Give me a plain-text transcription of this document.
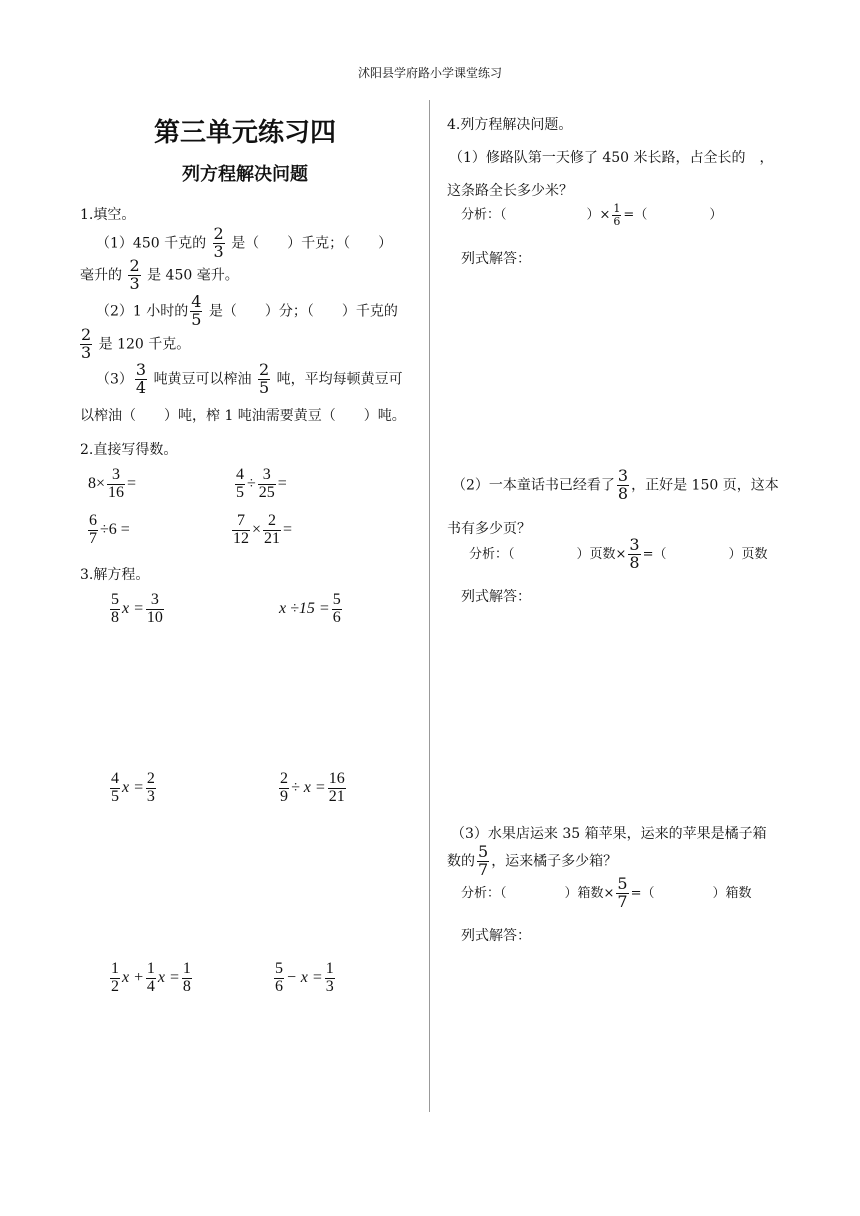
沭阳县学府路小学课堂练习
第三单元练习四
列方程解决问题
1.填空。
（1）450 千克的 $\frac{2}{3}$ 是（　　）千克；（　　）
毫升的 $\frac{2}{3}$ 是 450 毫升。
（2）1 小时的 $\frac{4}{5}$ 是（　　）分；（　　）千克的
$\frac{2}{3}$ 是 120 千克。
$(3) \frac{3}{4}$ 吨黄豆可以榨油 $\frac{2}{5}$ 吨，平均每顿黄豆可
以榨油（　　）吨，榨 1 吨油需要黄豆（　　）吨。
2.直接写得数。
$8\times \frac{3}{16}$ =	$\frac{4}{5} \div \frac{3}{25}$ =
$\frac{6}{7} \div 6$ =	$\frac{7}{12} \times \frac{2}{21}$ =
3.解方程。
$\frac{5}{8}$ $x = \frac{3}{10}$	$x \div 15 = \frac{5}{6}$
$\frac{4}{5}$ $x = \frac{2}{3}$	$\frac{2}{9} \div x = \frac{16}{21}$
$\frac{1}{2}$ $x + \frac{1}{4}$ $x = \frac{1}{8}$	$\frac{5}{6} - x = \frac{1}{3}$
4.列方程解决问题。
（1）修路队第一天修了 450 米长路，占全长的　，
这条路全长多少米？
分析：（	）× $\frac{1}{6}$ =（	）
列式解答：
（2）一本童话书已经看了 $\frac{3}{8}$ ，正好是 150 页，这本
书有多少页？
分析：（	）页数× $\frac{3}{8}$ =（	）页数
列式解答：
（3）水果店运来 35 箱苹果，运来的苹果是橘子箱
数的 $\frac{5}{7}$ ，运来橘子多少箱？
分析：（	）箱数× $\frac{5}{7}$ =（	）箱数
列式解答：
